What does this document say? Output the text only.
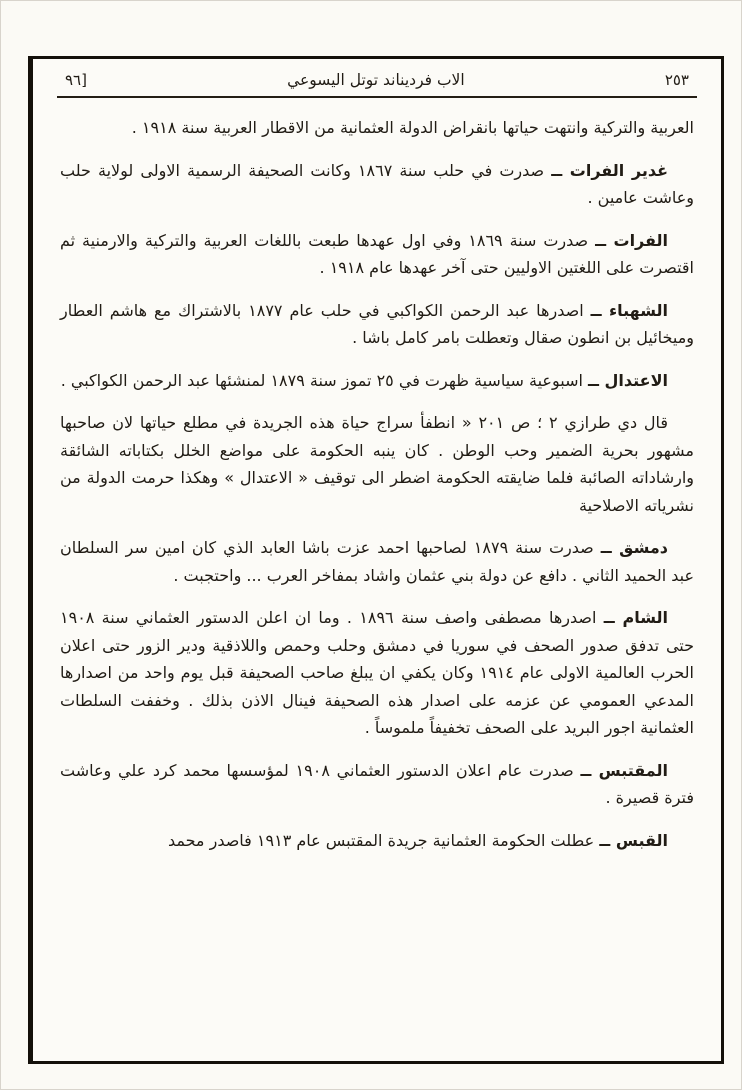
٩٦]	الاب فرديناند توتل اليسوعي	٢٥٣

العربية والتركية وانتهت حياتها بانقراض الدولة العثمانية من الاقطار العربية سنة ١٩١٨ .

غدير الفرات ــ صدرت في حلب سنة ١٨٦٧ وكانت الصحيفة الرسمية الاولى لولاية حلب وعاشت عامين .

الفرات ــ صدرت سنة ١٨٦٩ وفي اول عهدها طبعت باللغات العربية والتركية والارمنية ثم اقتصرت على اللغتين الاوليين حتى آخر عهدها عام ١٩١٨ .

الشهباء ــ اصدرها عبد الرحمن الكواكبي في حلب عام ١٨٧٧ بالاشتراك مع هاشم العطار وميخائيل بن انطون صقال وتعطلت بامر كامل باشا .

الاعتدال ــ اسبوعية سياسية ظهرت في ٢٥ تموز سنة ١٨٧٩ لمنشئها عبد الرحمن الكواكبي .

قال دي طرازي ٢ ؛ ص ٢٠١ « انطفأ سراج حياة هذه الجريدة في مطلع حياتها لان صاحبها مشهور بحرية الضمير وحب الوطن . كان ينبه الحكومة على مواضع الخلل بكتاباته الشائقة وارشاداته الصائبة فلما ضايقته الحكومة اضطر الى توقيف « الاعتدال » وهكذا حرمت الدولة من نشرياته الاصلاحية

دمشق ــ صدرت سنة ١٨٧٩ لصاحبها احمد عزت باشا العابد الذي كان امين سر السلطان عبد الحميد الثاني . دافع عن دولة بني عثمان واشاد بمفاخر العرب ... واحتجبت .

الشام ــ اصدرها مصطفى واصف سنة ١٨٩٦ . وما ان اعلن الدستور العثماني سنة ١٩٠٨ حتى تدفق صدور الصحف في سوريا في دمشق وحلب وحمص واللاذقية ودير الزور حتى اعلان الحرب العالمية الاولى عام ١٩١٤ وكان يكفي ان يبلغ صاحب الصحيفة قبل يوم واحد من اصدارها المدعي العمومي عن عزمه على اصدار هذه الصحيفة فينال الاذن بذلك . وخففت السلطات العثمانية اجور البريد على الصحف تخفيفاً ملموساً .

المقتبس ــ صدرت عام اعلان الدستور العثماني ١٩٠٨ لمؤسسها محمد كرد علي وعاشت فترة قصيرة .

القبس ــ عطلت الحكومة العثمانية جريدة المقتبس عام ١٩١٣ فاصدر محمد
